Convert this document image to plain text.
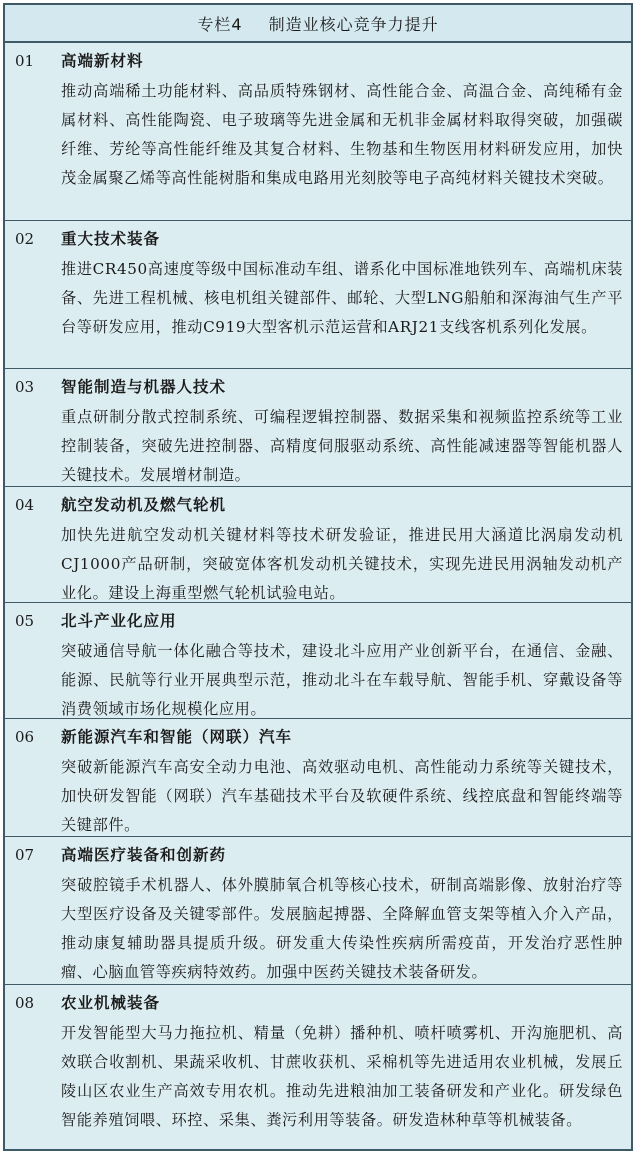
专栏4 制造业核心竞争力提升
01	高端新材料
推动高端稀土功能材料、高品质特殊钢材、高性能合金、高温合金、高纯稀有金属材料、高性能陶瓷、电子玻璃等先进金属和无机非金属材料取得突破，加强碳纤维、芳纶等高性能纤维及其复合材料、生物基和生物医用材料研发应用，加快茂金属聚乙烯等高性能树脂和集成电路用光刻胶等电子高纯材料关键技术突破。
02	重大技术装备
推进CR450高速度等级中国标准动车组、谱系化中国标准地铁列车、高端机床装备、先进工程机械、核电机组关键部件、邮轮、大型LNG船舶和深海油气生产平台等研发应用，推动C919大型客机示范运营和ARJ21支线客机系列化发展。
03	智能制造与机器人技术
重点研制分散式控制系统、可编程逻辑控制器、数据采集和视频监控系统等工业控制装备，突破先进控制器、高精度伺服驱动系统、高性能减速器等智能机器人关键技术。发展增材制造。
04	航空发动机及燃气轮机
加快先进航空发动机关键材料等技术研发验证，推进民用大涵道比涡扇发动机CJ1000产品研制，突破宽体客机发动机关键技术，实现先进民用涡轴发动机产业化。建设上海重型燃气轮机试验电站。
05	北斗产业化应用
突破通信导航一体化融合等技术，建设北斗应用产业创新平台，在通信、金融、能源、民航等行业开展典型示范，推动北斗在车载导航、智能手机、穿戴设备等消费领域市场化规模化应用。
06	新能源汽车和智能（网联）汽车
突破新能源汽车高安全动力电池、高效驱动电机、高性能动力系统等关键技术，加快研发智能（网联）汽车基础技术平台及软硬件系统、线控底盘和智能终端等关键部件。
07	高端医疗装备和创新药
突破腔镜手术机器人、体外膜肺氧合机等核心技术，研制高端影像、放射治疗等大型医疗设备及关键零部件。发展脑起搏器、全降解血管支架等植入介入产品，推动康复辅助器具提质升级。研发重大传染性疾病所需疫苗，开发治疗恶性肿瘤、心脑血管等疾病特效药。加强中医药关键技术装备研发。
08	农业机械装备
开发智能型大马力拖拉机、精量（免耕）播种机、喷杆喷雾机、开沟施肥机、高效联合收割机、果蔬采收机、甘蔗收获机、采棉机等先进适用农业机械，发展丘陵山区农业生产高效专用农机。推动先进粮油加工装备研发和产业化。研发绿色智能养殖饲喂、环控、采集、粪污利用等装备。研发造林种草等机械装备。
